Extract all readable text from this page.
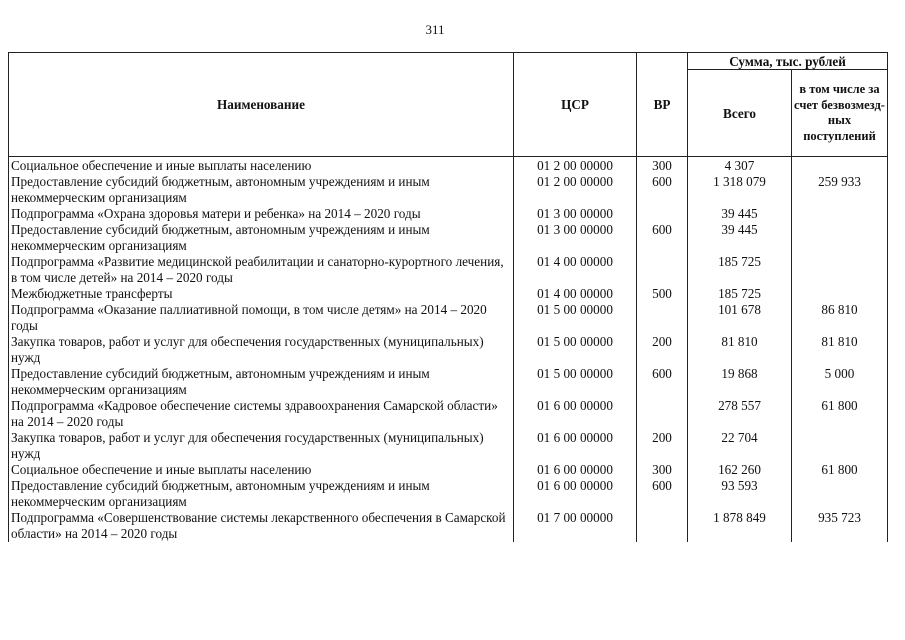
311
Наименование	ЦСР	ВР	Сумма, тыс. рублей	
			Всего	в том числе за счет безвозмезд-ных поступлений
Социальное обеспечение и иные выплаты населению	01 2 00 00000	300	4 307	
Предоставление субсидий бюджетным, автономным учреждениям и иным некоммерческим организациям	01 2 00 00000	600	1 318 079	259 933
Подпрограмма «Охрана здоровья матери и ребенка» на 2014 – 2020 годы	01 3 00 00000		39 445	
Предоставление субсидий бюджетным, автономным учреждениям и иным некоммерческим организациям	01 3 00 00000	600	39 445	
Подпрограмма «Развитие медицинской реабилитации и санаторно-курортного лечения, в том числе детей» на 2014 – 2020 годы	01 4 00 00000		185 725	
Межбюджетные трансферты	01 4 00 00000	500	185 725	
Подпрограмма «Оказание паллиативной помощи, в том числе детям» на 2014 – 2020 годы	01 5 00 00000		101 678	86 810
Закупка товаров, работ и услуг для обеспечения государственных (муниципальных) нужд	01 5 00 00000	200	81 810	81 810
Предоставление субсидий бюджетным, автономным учреждениям и иным некоммерческим организациям	01 5 00 00000	600	19 868	5 000
Подпрограмма «Кадровое обеспечение системы здравоохранения Самарской области» на 2014 – 2020 годы	01 6 00 00000		278 557	61 800
Закупка товаров, работ и услуг для обеспечения государственных (муниципальных) нужд	01 6 00 00000	200	22 704	
Социальное обеспечение и иные выплаты населению	01 6 00 00000	300	162 260	61 800
Предоставление субсидий бюджетным, автономным учреждениям и иным некоммерческим организациям	01 6 00 00000	600	93 593	
Подпрограмма «Совершенствование системы лекарственного обеспечения в Самарской области» на 2014 – 2020 годы	01 7 00 00000		1 878 849	935 723
